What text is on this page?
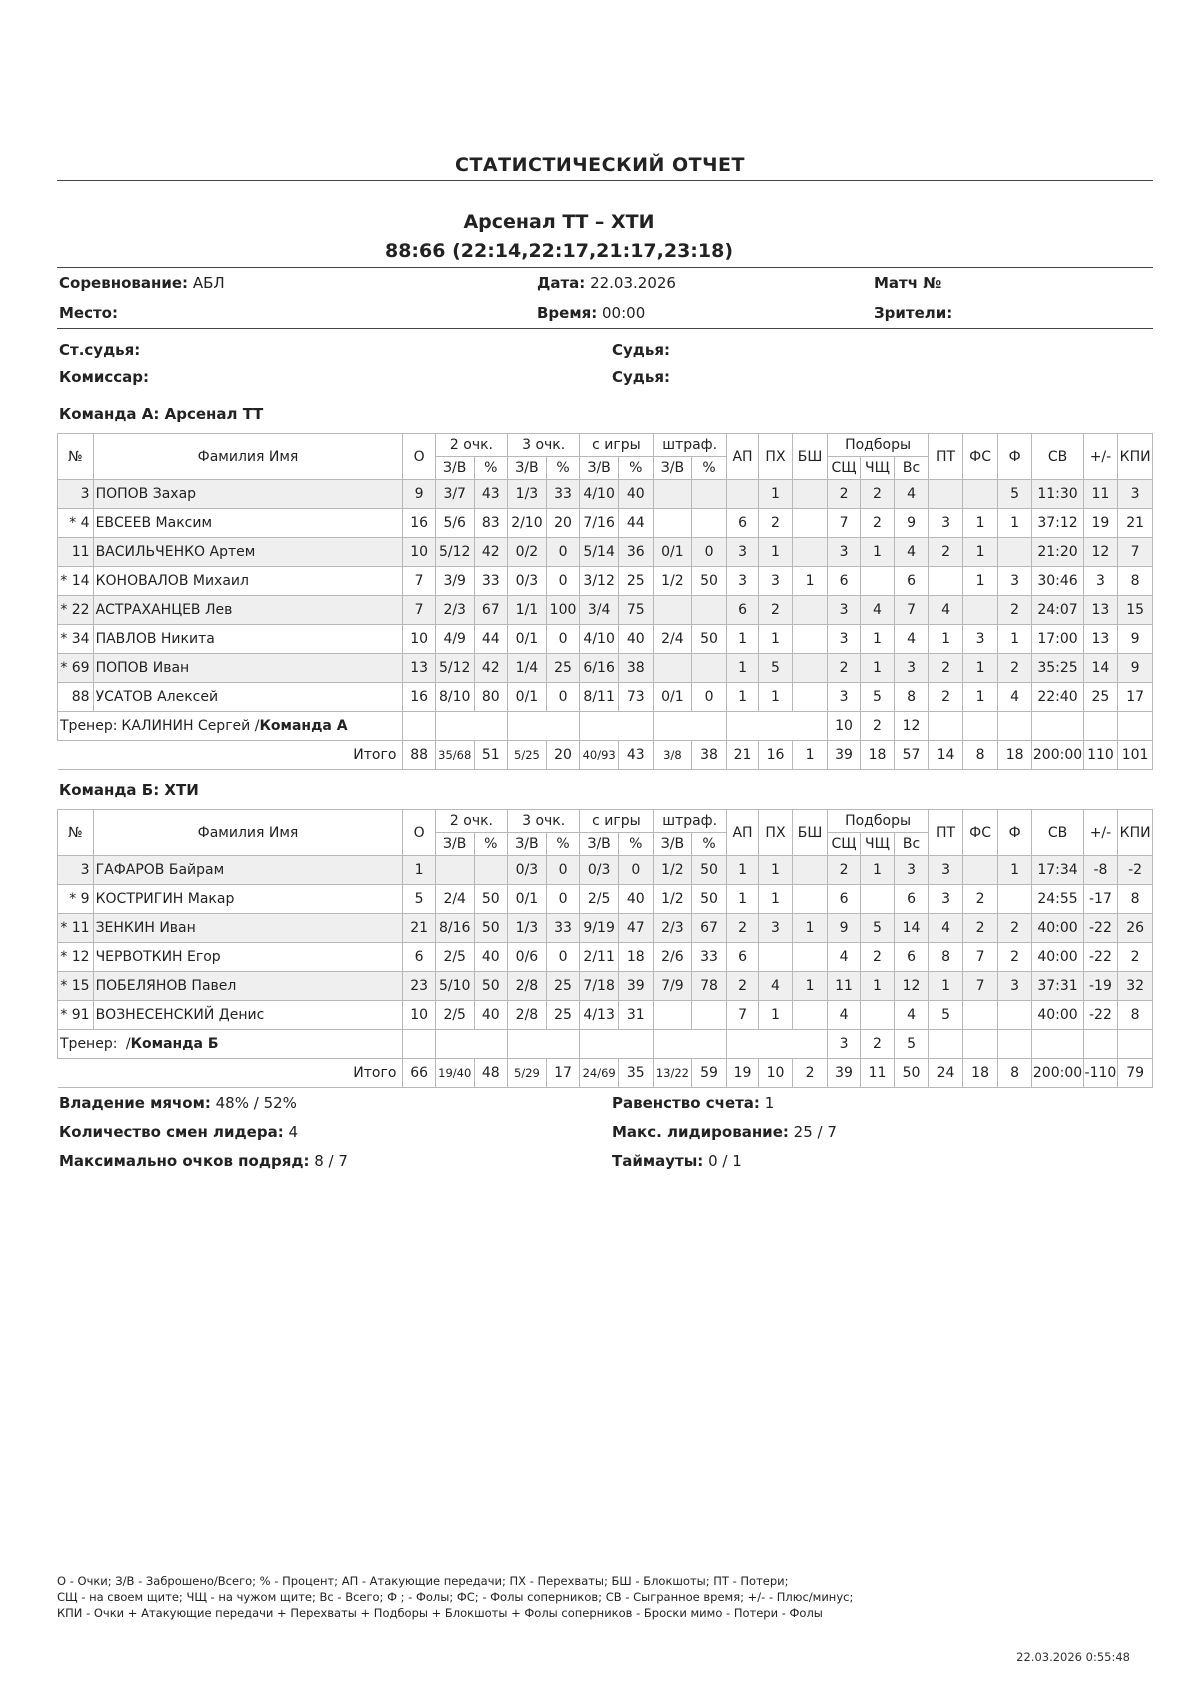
СТАТИСТИЧЕСКИЙ ОТЧЕТ
Арсенал ТТ – ХТИ
88:66 (22:14,22:17,21:17,23:18)
Соревнование: АБЛ	Дата: 22.03.2026	Матч №
Место:	Время: 00:00	Зрители:
Ст.судья:	Судья:
Комиссар:	Судья:
Команда А: Арсенал ТТ
№	Фамилия Имя	О	2 очк.		3 очк.		с игры		штраф.		АП	ПХ	БШ	Подборы			ПТ	ФС	Ф	СВ	+/-	КПИ
			З/В	%	З/В	%	З/В	%	З/В	%				СЩ	ЧЩ	Вс						
3	ПОПОВ Захар	9	3/7	43	1/3	33	4/10	40				1		2	2	4			5	11:30	11	3
* 4	ЕВСЕЕВ Максим	16	5/6	83	2/10	20	7/16	44			6	2		7	2	9	3	1	1	37:12	19	21
11	ВАСИЛЬЧЕНКО Артем	10	5/12	42	0/2	0	5/14	36	0/1	0	3	1		3	1	4	2	1		21:20	12	7
* 14	КОНОВАЛОВ Михаил	7	3/9	33	0/3	0	3/12	25	1/2	50	3	3	1	6		6		1	3	30:46	3	8
* 22	АСТРАХАНЦЕВ Лев	7	2/3	67	1/1	100	3/4	75			6	2		3	4	7	4		2	24:07	13	15
* 34	ПАВЛОВ Никита	10	4/9	44	0/1	0	4/10	40	2/4	50	1	1		3	1	4	1	3	1	17:00	13	9
* 69	ПОПОВ Иван	13	5/12	42	1/4	25	6/16	38			1	5		2	1	3	2	1	2	35:25	14	9
88	УСАТОВ Алексей	16	8/10	80	0/1	0	8/11	73	0/1	0	1	1		3	5	8	2	1	4	22:40	25	17
Тренер: КАЛИНИН Сергей /Команда А														10	2	12						
Итого		88	35/68	51	5/25	20	40/93	43	3/8	38	21	16	1	39	18	57	14	8	18	200:00	110	101
Команда Б: ХТИ
№	Фамилия Имя	О	2 очк.		3 очк.		с игры		штраф.		АП	ПХ	БШ	Подборы			ПТ	ФС	Ф	СВ	+/-	КПИ
			З/В	%	З/В	%	З/В	%	З/В	%				СЩ	ЧЩ	Вс						
3	ГАФАРОВ Байрам	1			0/3	0	0/3	0	1/2	50	1	1		2	1	3	3		1	17:34	-8	-2
* 9	КОСТРИГИН Макар	5	2/4	50	0/1	0	2/5	40	1/2	50	1	1		6		6	3	2		24:55	-17	8
* 11	ЗЕНКИН Иван	21	8/16	50	1/3	33	9/19	47	2/3	67	2	3	1	9	5	14	4	2	2	40:00	-22	26
* 12	ЧЕРВОТКИН Егор	6	2/5	40	0/6	0	2/11	18	2/6	33	6			4	2	6	8	7	2	40:00	-22	2
* 15	ПОБЕЛЯНОВ Павел	23	5/10	50	2/8	25	7/18	39	7/9	78	2	4	1	11	1	12	1	7	3	37:31	-19	32
* 91	ВОЗНЕСЕНСКИЙ Денис	10	2/5	40	2/8	25	4/13	31			7	1		4		4	5			40:00	-22	8
Тренер: /Команда Б														3	2	5						
Итого		66	19/40	48	5/29	17	24/69	35	13/22	59	19	10	2	39	11	50	24	18	8	200:00	-110	79
Владение мячом: 48% / 52%	Равенство счета: 1
Количество смен лидера: 4	Макс. лидирование: 25 / 7
Максимально очков подряд: 8 / 7	Таймауты: 0 / 1
О - Очки; З/В - Заброшено/Всего; % - Процент; АП - Атакующие передачи; ПХ - Перехваты; БШ - Блокшоты; ПТ - Потери;
СЩ - на своем щите; ЧЩ - на чужом щите; Вс - Всего; Ф ; - Фолы; ФС; - Фолы соперников; СВ - Сыгранное время; +/- - Плюс/минус;
КПИ - Очки + Атакующие передачи + Перехваты + Подборы + Блокшоты + Фолы соперников - Броски мимо - Потери - Фолы
22.03.2026 0:55:48
